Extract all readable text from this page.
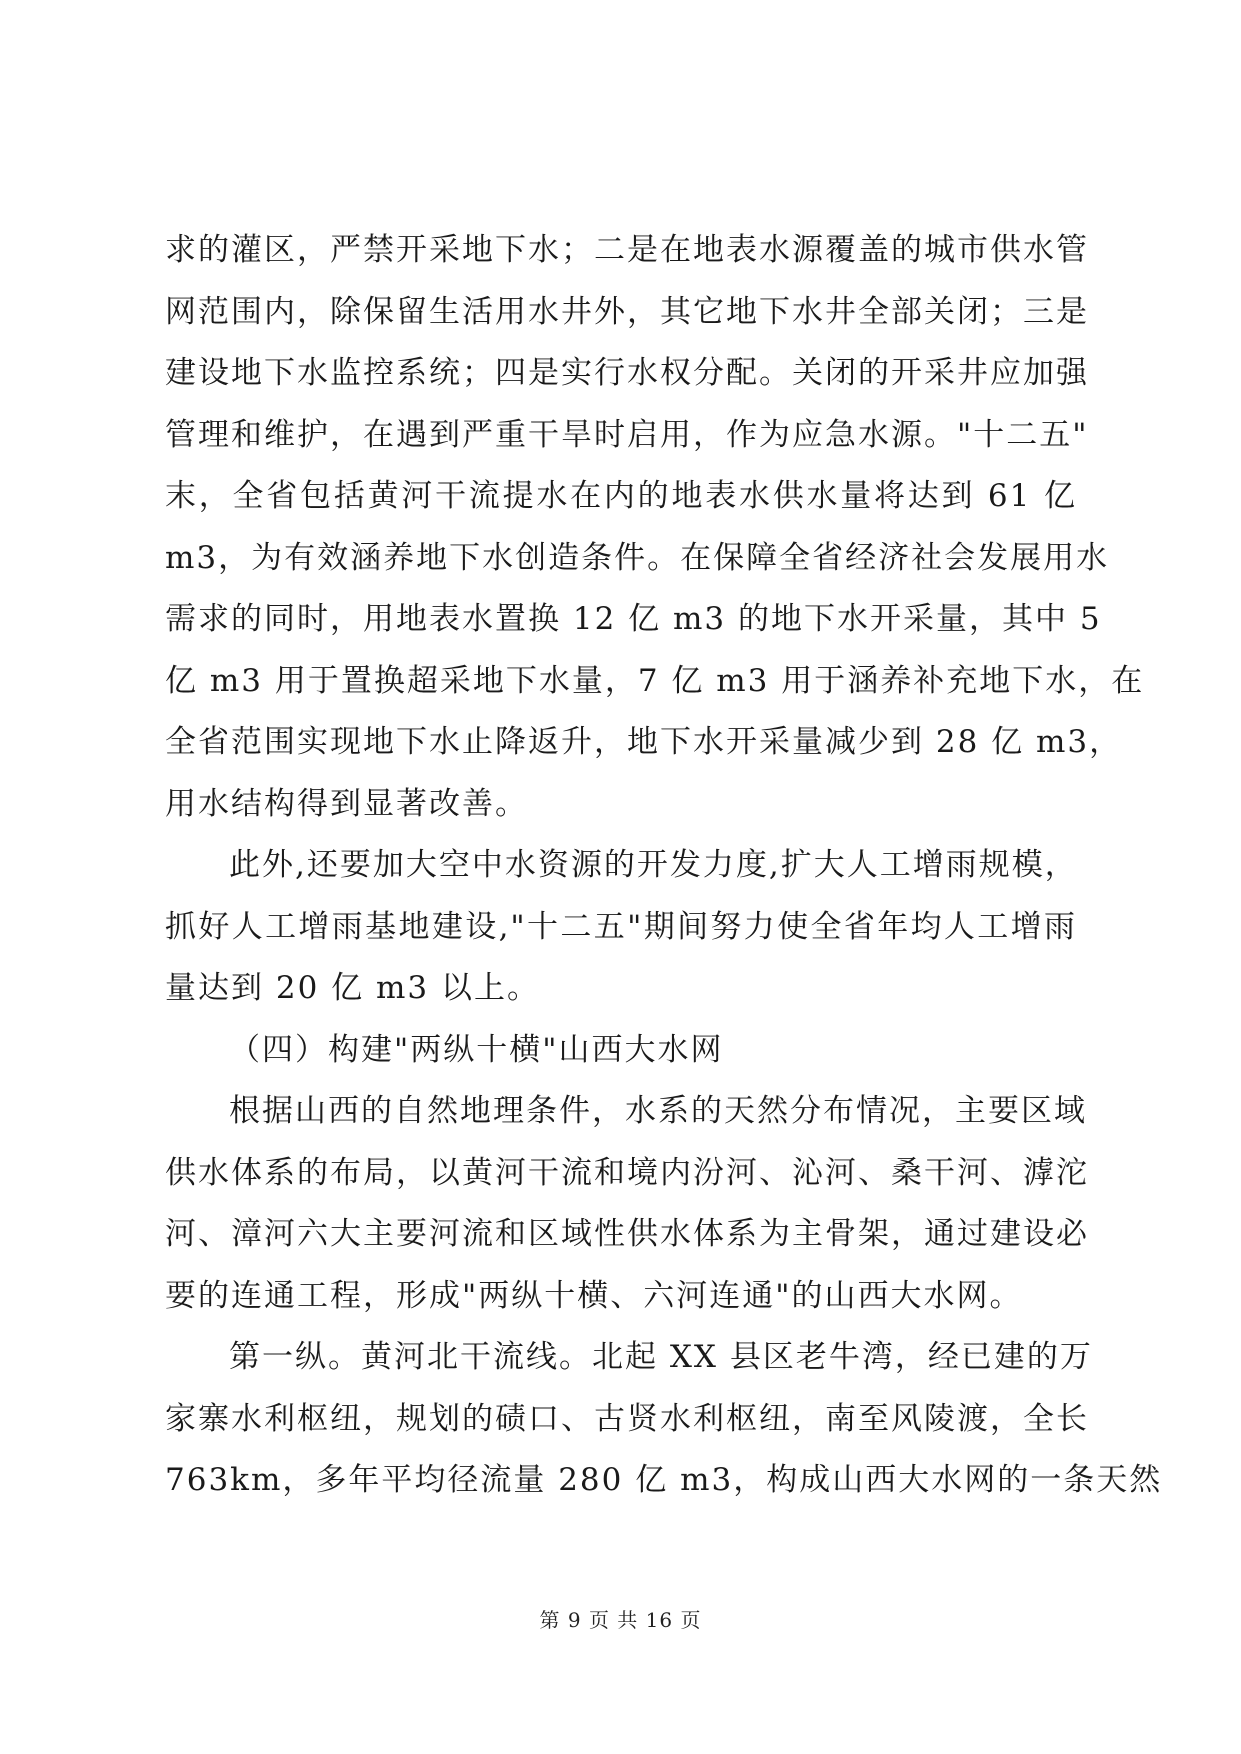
求的灌区，严禁开采地下水；二是在地表水源覆盖的城市供水管
网范围内，除保留生活用水井外，其它地下水井全部关闭；三是
建设地下水监控系统；四是实行水权分配。关闭的开采井应加强
管理和维护，在遇到严重干旱时启用，作为应急水源。"十二五"
末，全省包括黄河干流提水在内的地表水供水量将达到 61 亿
m3，为有效涵养地下水创造条件。在保障全省经济社会发展用水
需求的同时，用地表水置换 12 亿 m3 的地下水开采量，其中 5
亿 m3 用于置换超采地下水量，7 亿 m3 用于涵养补充地下水，在
全省范围实现地下水止降返升，地下水开采量减少到 28 亿 m3，
用水结构得到显著改善。
此外,还要加大空中水资源的开发力度,扩大人工增雨规模，
抓好人工增雨基地建设,"十二五"期间努力使全省年均人工增雨
量达到 20 亿 m3 以上。
（四）构建"两纵十横"山西大水网
根据山西的自然地理条件，水系的天然分布情况，主要区域
供水体系的布局，以黄河干流和境内汾河、沁河、桑干河、滹沱
河、漳河六大主要河流和区域性供水体系为主骨架，通过建设必
要的连通工程，形成"两纵十横、六河连通"的山西大水网。
第一纵。黄河北干流线。北起 XX 县区老牛湾，经已建的万
家寨水利枢纽，规划的碛口、古贤水利枢纽，南至风陵渡，全长
763km，多年平均径流量 280 亿 m3，构成山西大水网的一条天然
第 9 页 共 16 页
